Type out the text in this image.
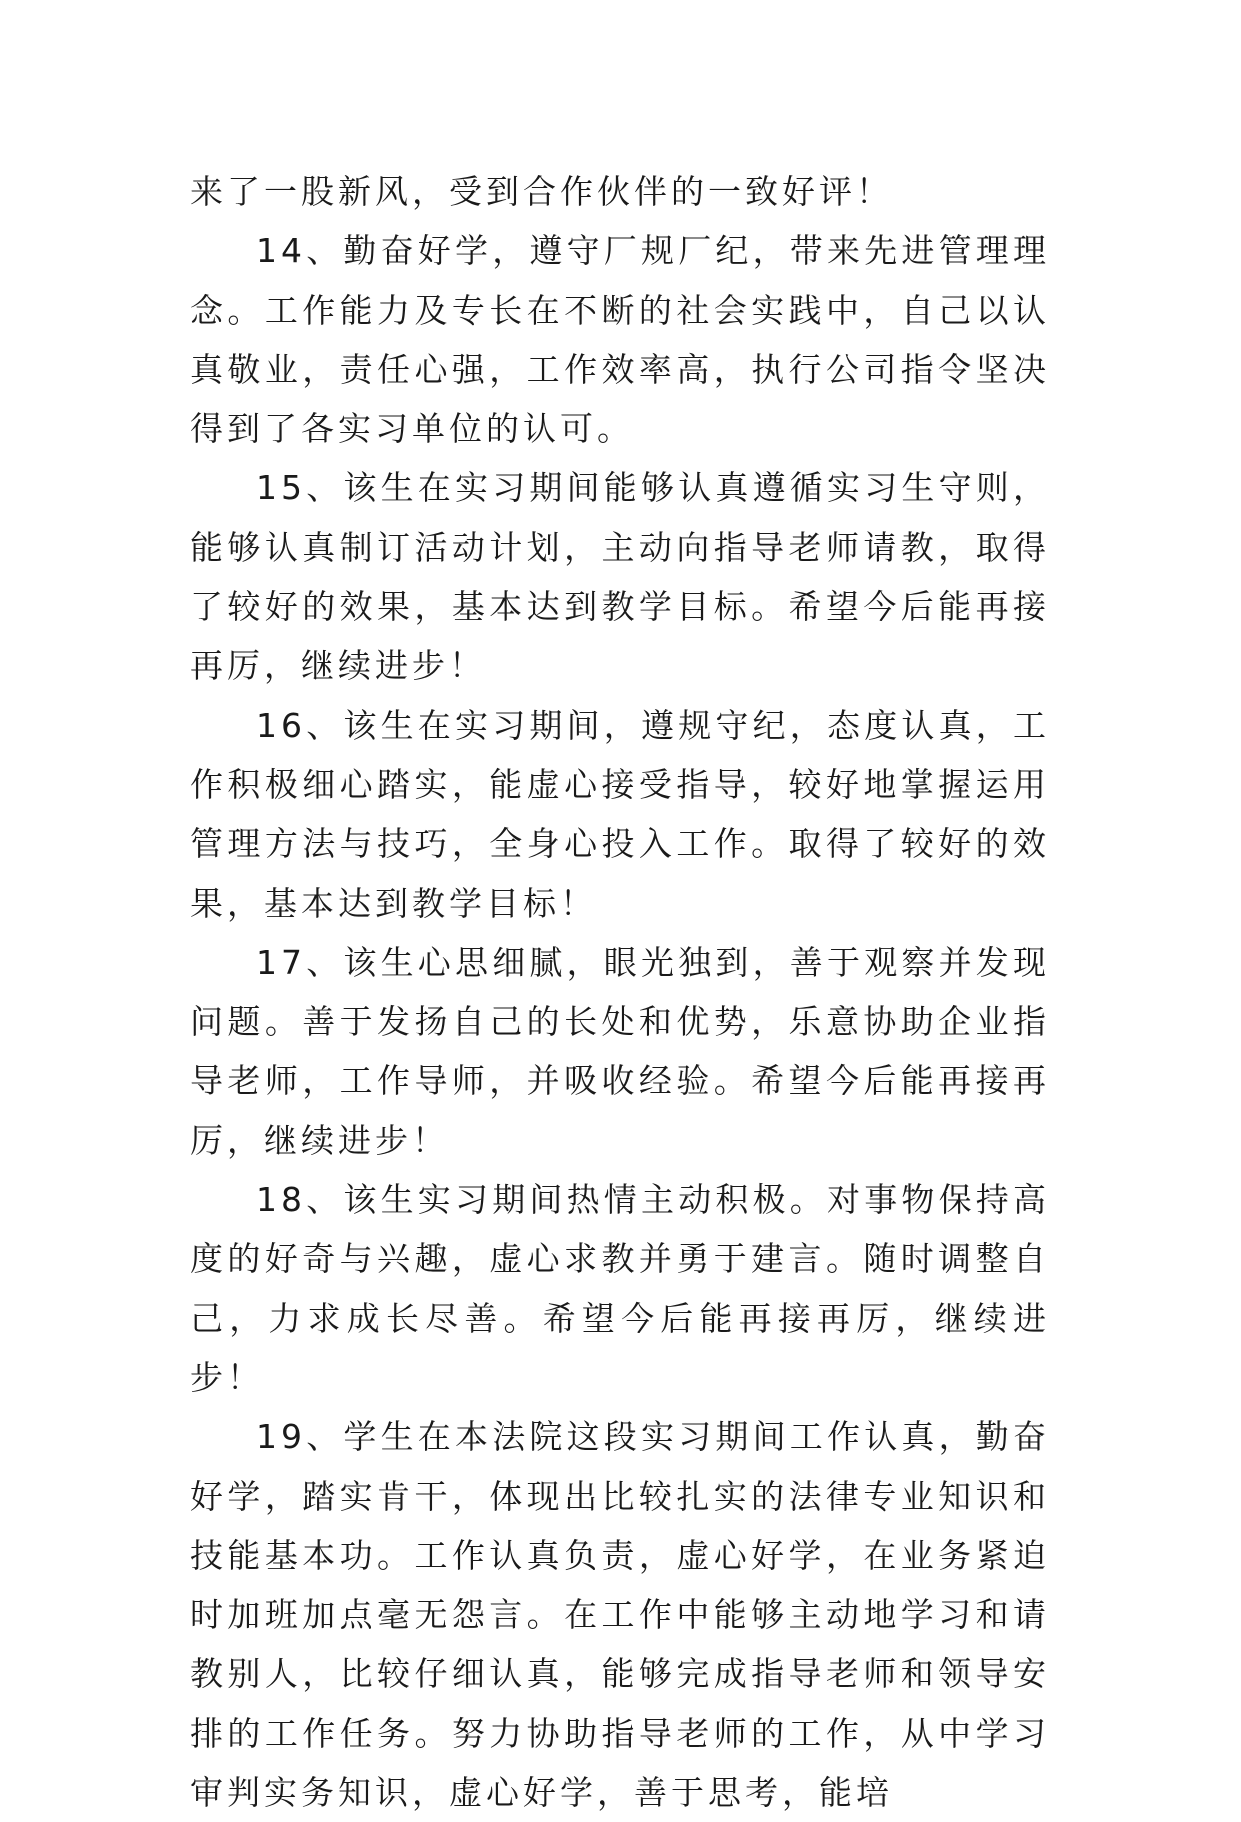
来了一股新风，受到合作伙伴的一致好评！

14、勤奋好学，遵守厂规厂纪，带来先进管理理念。工作能力及专长在不断的社会实践中，自己以认真敬业，责任心强，工作效率高，执行公司指令坚决得到了各实习单位的认可。

15、该生在实习期间能够认真遵循实习生守则，能够认真制订活动计划，主动向指导老师请教，取得了较好的效果，基本达到教学目标。希望今后能再接再厉，继续进步！

16、该生在实习期间，遵规守纪，态度认真，工作积极细心踏实，能虚心接受指导，较好地掌握运用管理方法与技巧，全身心投入工作。取得了较好的效果，基本达到教学目标！

17、该生心思细腻，眼光独到，善于观察并发现问题。善于发扬自己的长处和优势，乐意协助企业指导老师，工作导师，并吸收经验。希望今后能再接再厉，继续进步！

18、该生实习期间热情主动积极。对事物保持高度的好奇与兴趣，虚心求教并勇于建言。随时调整自己，力求成长尽善。希望今后能再接再厉，继续进步！

19、学生在本法院这段实习期间工作认真，勤奋好学，踏实肯干，体现出比较扎实的法律专业知识和技能基本功。工作认真负责，虚心好学，在业务紧迫时加班加点毫无怨言。在工作中能够主动地学习和请教别人，比较仔细认真，能够完成指导老师和领导安排的工作任务。努力协助指导老师的工作，从中学习审判实务知识，虚心好学，善于思考，能培
